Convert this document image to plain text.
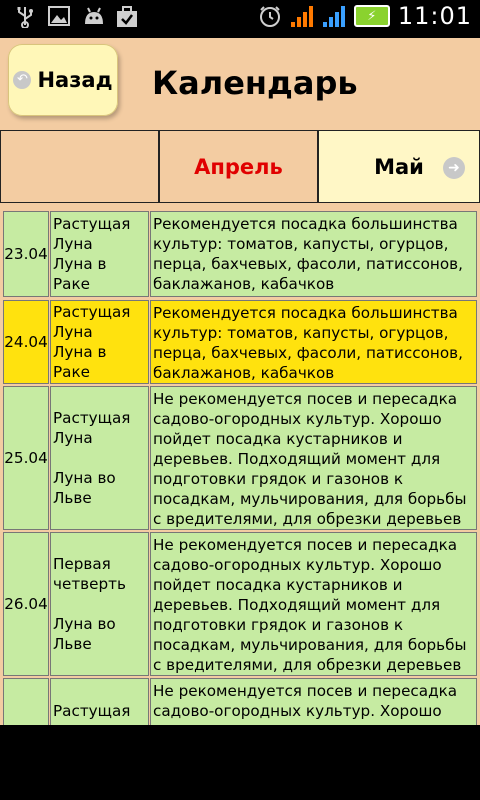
⚡ 11:01
↶ Назад Календарь
Апрель	Май	➜
23.04
Растущая Луна
Луна в Раке
Рекомендуется посадка большинства культур: томатов, капусты, огурцов, перца, бахчевых, фасоли, патиссонов, баклажанов, кабачков
24.04
Растущая Луна
Луна в Раке
Рекомендуется посадка большинства культур: томатов, капусты, огурцов, перца, бахчевых, фасоли, патиссонов, баклажанов, кабачков
25.04
Растущая Луна
Луна во Льве
Не рекомендуется посев и пересадка садово-огородных культур. Хорошо пойдет посадка кустарников и деревьев. Подходящий момент для подготовки грядок и газонов к посадкам, мульчирования, для борьбы с вредителями, для обрезки деревьев
26.04
Первая четверть
Луна во Льве
Не рекомендуется посев и пересадка садово-огородных культур. Хорошо пойдет посадка кустарников и деревьев. Подходящий момент для подготовки грядок и газонов к посадкам, мульчирования, для борьбы с вредителями, для обрезки деревьев
Растущая
Не рекомендуется посев и пересадка садово-огородных культур. Хорошо
